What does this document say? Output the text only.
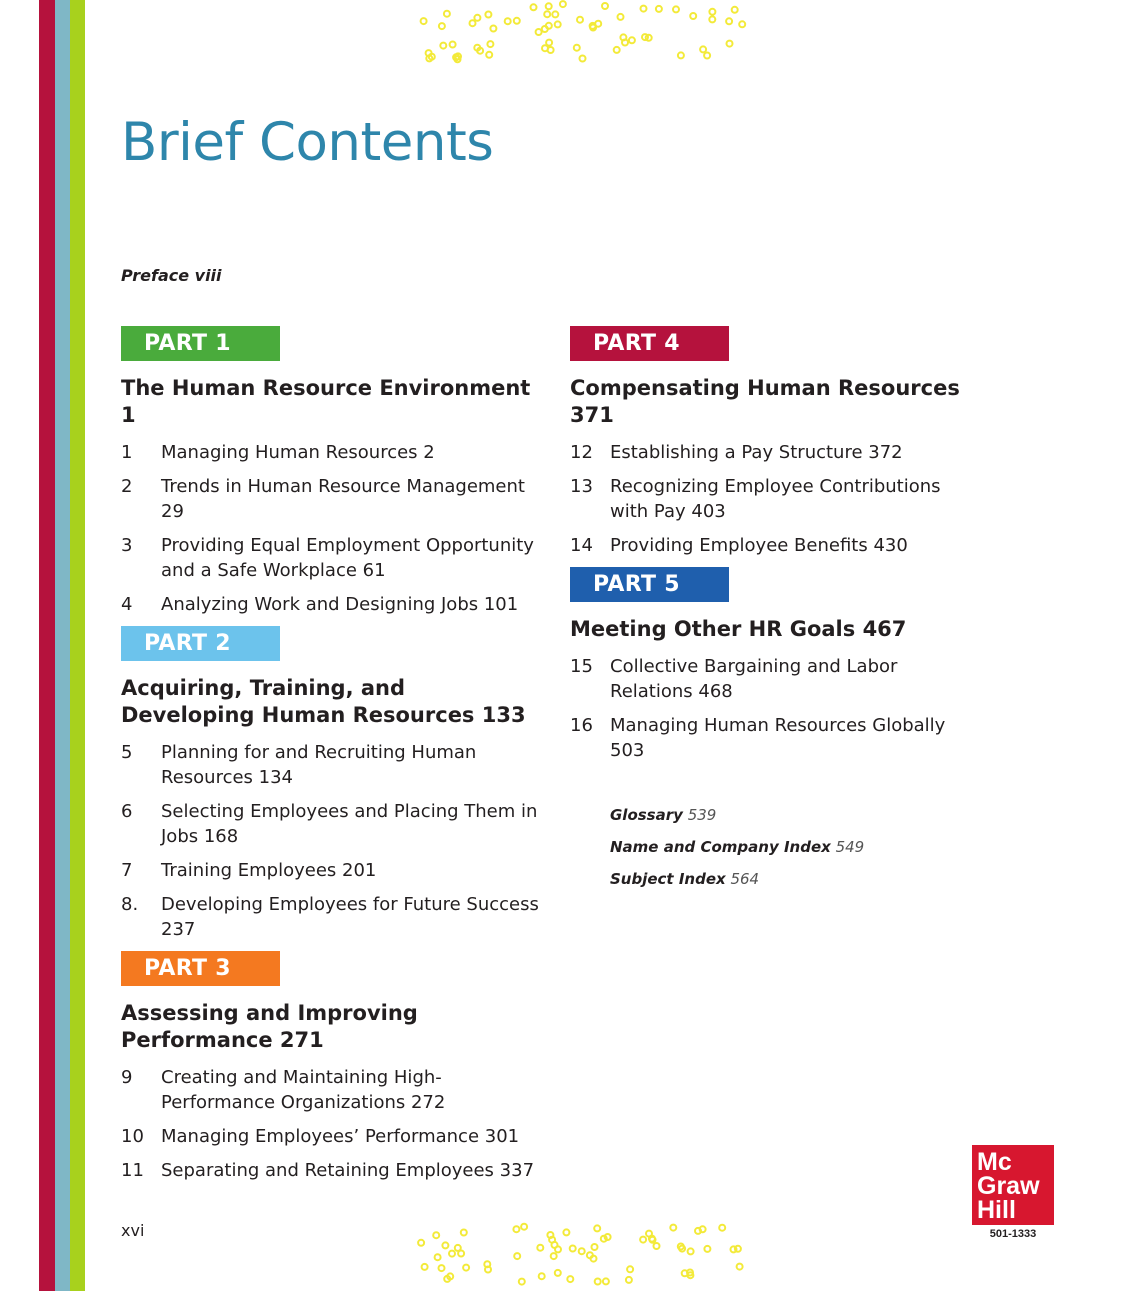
Brief Contents
Preface viii
PART 1
The Human Resource Environment 1
1	Managing Human Resources 2
2	Trends in Human Resource Management 29
3	Providing Equal Employment Opportunity and a Safe Workplace 61
4	Analyzing Work and Designing Jobs 101
PART 2
Acquiring, Training, and Developing Human Resources 133
5	Planning for and Recruiting Human Resources 134
6	Selecting Employees and Placing Them in Jobs 168
7	Training Employees 201
8.	Developing Employees for Future Success 237
PART 3
Assessing and Improving Performance 271
9	Creating and Maintaining High-Performance Organizations 272
10 Managing Employees’ Performance 301
11 Separating and Retaining Employees 337
PART 4
Compensating Human Resources 371
12 Establishing a Pay Structure 372
13 Recognizing Employee Contributions with Pay 403
14 Providing Employee Benefits 430
PART 5
Meeting Other HR Goals 467
15 Collective Bargaining and Labor Relations 468
16 Managing Human Resources Globally 503
Glossary 539
Name and Company Index 549
Subject Index 564
xvi
Mc
Graw
Hill
501-1333
